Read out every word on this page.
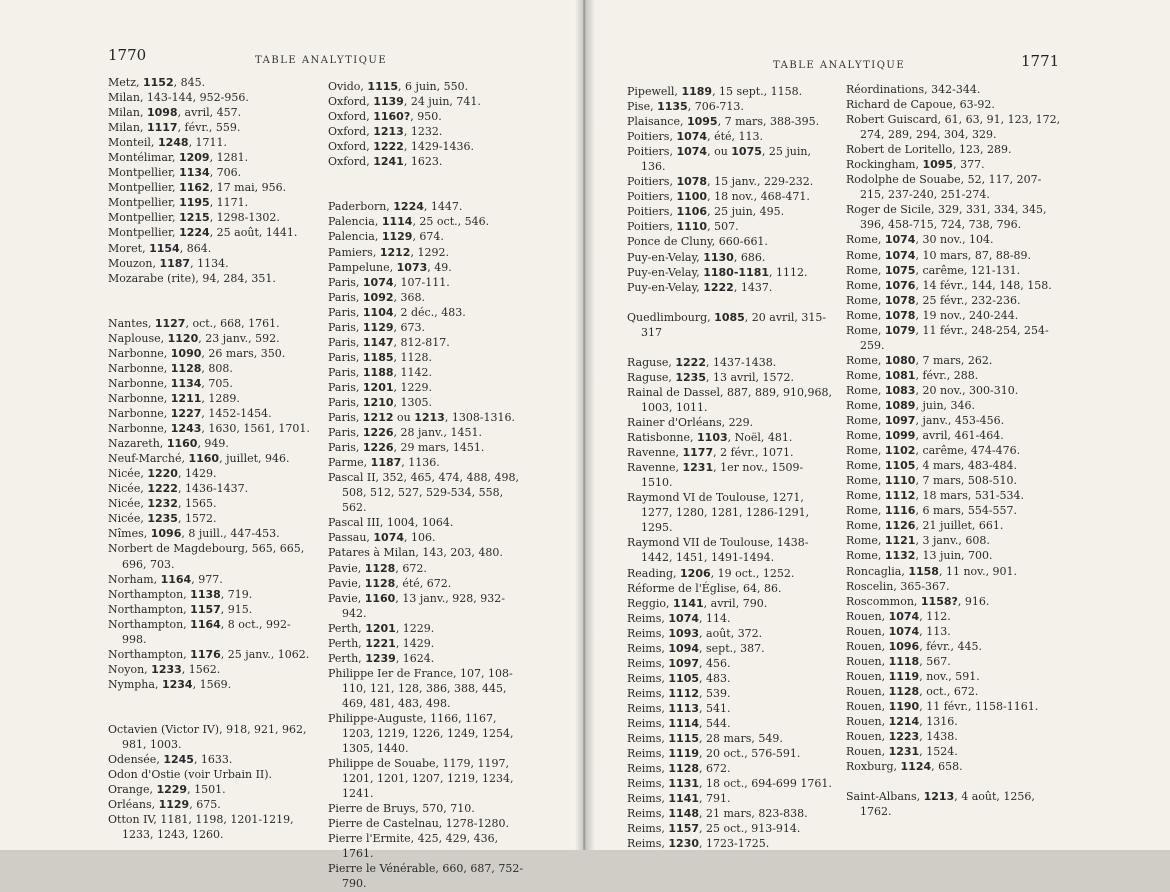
1770	TABLE ANALYTIQUE
Metz, 1152, 845.
Milan, 143-144, 952-956.
Milan, 1098, avril, 457.
Milan, 1117, févr., 559.
Monteil, 1248, 1711.
Montélimar, 1209, 1281.
Montpellier, 1134, 706.
Montpellier, 1162, 17 mai, 956.
Montpellier, 1195, 1171.
Montpellier, 1215, 1298-1302.
Montpellier, 1224, 25 août, 1441.
Moret, 1154, 864.
Mouzon, 1187, 1134.
Mozarabe (rite), 94, 284, 351.
Nantes, 1127, oct., 668, 1761.
Naplouse, 1120, 23 janv., 592.
Narbonne, 1090, 26 mars, 350.
Narbonne, 1128, 808.
Narbonne, 1134, 705.
Narbonne, 1211, 1289.
Narbonne, 1227, 1452-1454.
Narbonne, 1243, 1630, 1561, 1701.
Nazareth, 1160, 949.
Neuf-Marché, 1160, juillet, 946.
Nicée, 1220, 1429.
Nicée, 1222, 1436-1437.
Nicée, 1232, 1565.
Nicée, 1235, 1572.
Nîmes, 1096, 8 juill., 447-453.
Norbert de Magdebourg, 565, 665, 696, 703.
Norham, 1164, 977.
Northampton, 1138, 719.
Northampton, 1157, 915.
Northampton, 1164, 8 oct., 992-998.
Northampton, 1176, 25 janv., 1062.
Noyon, 1233, 1562.
Nympha, 1234, 1569.
Octavien (Victor IV), 918, 921, 962, 981, 1003.
Odensée, 1245, 1633.
Odon d'Ostie (voir Urbain II).
Orange, 1229, 1501.
Orléans, 1129, 675.
Otton IV, 1181, 1198, 1201-1219, 1233, 1243, 1260.
Ovido, 1115, 6 juin, 550.
Oxford, 1139, 24 juin, 741.
Oxford, 1160?, 950.
Oxford, 1213, 1232.
Oxford, 1222, 1429-1436.
Oxford, 1241, 1623.
Paderborn, 1224, 1447.
Palencia, 1114, 25 oct., 546.
Palencia, 1129, 674.
Pamiers, 1212, 1292.
Pampelune, 1073, 49.
Paris, 1074, 107-111.
Paris, 1092, 368.
Paris, 1104, 2 déc., 483.
Paris, 1129, 673.
Paris, 1147, 812-817.
Paris, 1185, 1128.
Paris, 1188, 1142.
Paris, 1201, 1229.
Paris, 1210, 1305.
Paris, 1212 ou 1213, 1308-1316.
Paris, 1226, 28 janv., 1451.
Paris, 1226, 29 mars, 1451.
Parme, 1187, 1136.
Pascal II, 352, 465, 474, 488, 498, 508, 512, 527, 529-534, 558, 562.
Pascal III, 1004, 1064.
Passau, 1074, 106.
Patares à Milan, 143, 203, 480.
Pavie, 1128, 672.
Pavie, 1128, été, 672.
Pavie, 1160, 13 janv., 928, 932-942.
Perth, 1201, 1229.
Perth, 1221, 1429.
Perth, 1239, 1624.
Philippe Ier de France, 107, 108-110, 121, 128, 386, 388, 445, 469, 481, 483, 498.
Philippe-Auguste, 1166, 1167, 1203, 1219, 1226, 1249, 1254, 1305, 1440.
Philippe de Souabe, 1179, 1197, 1201, 1201, 1207, 1219, 1234, 1241.
Pierre de Bruys, 570, 710.
Pierre de Castelnau, 1278-1280.
Pierre l'Ermite, 425, 429, 436, 1761.
Pierre le Vénérable, 660, 687, 752-790.
1771
TABLE ANALYTIQUE
Pipewell, 1189, 15 sept., 1158.
Pise, 1135, 706-713.
Plaisance, 1095, 7 mars, 388-395.
Poitiers, 1074, été, 113.
Poitiers, 1074, ou 1075, 25 juin, 136.
Poitiers, 1078, 15 janv., 229-232.
Poitiers, 1100, 18 nov., 468-471.
Poitiers, 1106, 25 juin, 495.
Poitiers, 1110, 507.
Ponce de Cluny, 660-661.
Puy-en-Velay, 1130, 686.
Puy-en-Velay, 1180-1181, 1112.
Puy-en-Velay, 1222, 1437.
Quedlimbourg, 1085, 20 avril, 315-317
Raguse, 1222, 1437-1438.
Raguse, 1235, 13 avril, 1572.
Rainal de Dassel, 887, 889, 910,968, 1003, 1011.
Rainer d'Orléans, 229.
Ratisbonne, 1103, Noël, 481.
Ravenne, 1177, 2 févr., 1071.
Ravenne, 1231, 1er nov., 1509-1510.
Raymond VI de Toulouse, 1271, 1277, 1280, 1281, 1286-1291, 1295.
Raymond VII de Toulouse, 1438-1442, 1451, 1491-1494.
Reading, 1206, 19 oct., 1252.
Réforme de l'Église, 64, 86.
Reggio, 1141, avril, 790.
Reims, 1074, 114.
Reims, 1093, août, 372.
Reims, 1094, sept., 387.
Reims, 1097, 456.
Reims, 1105, 483.
Reims, 1112, 539.
Reims, 1113, 541.
Reims, 1114, 544.
Reims, 1115, 28 mars, 549.
Reims, 1119, 20 oct., 576-591.
Reims, 1128, 672.
Reims, 1131, 18 oct., 694-699 1761.
Reims, 1141, 791.
Reims, 1148, 21 mars, 823-838.
Reims, 1157, 25 oct., 913-914.
Reims, 1230, 1723-1725.
Réordinations, 342-344.
Richard de Capoue, 63-92.
Robert Guiscard, 61, 63, 91, 123, 172, 274, 289, 294, 304, 329.
Robert de Loritello, 123, 289.
Rockingham, 1095, 377.
Rodolphe de Souabe, 52, 117, 207-215, 237-240, 251-274.
Roger de Sicile, 329, 331, 334, 345, 396, 458-715, 724, 738, 796.
Rome, 1074, 30 nov., 104.
Rome, 1074, 10 mars, 87, 88-89.
Rome, 1075, carême, 121-131.
Rome, 1076, 14 févr., 144, 148, 158.
Rome, 1078, 25 févr., 232-236.
Rome, 1078, 19 nov., 240-244.
Rome, 1079, 11 févr., 248-254, 254-259.
Rome, 1080, 7 mars, 262.
Rome, 1081, févr., 288.
Rome, 1083, 20 nov., 300-310.
Rome, 1089, juin, 346.
Rome, 1097, janv., 453-456.
Rome, 1099, avril, 461-464.
Rome, 1102, carême, 474-476.
Rome, 1105, 4 mars, 483-484.
Rome, 1110, 7 mars, 508-510.
Rome, 1112, 18 mars, 531-534.
Rome, 1116, 6 mars, 554-557.
Rome, 1126, 21 juillet, 661.
Rome, 1121, 3 janv., 608.
Rome, 1132, 13 juin, 700.
Roncaglia, 1158, 11 nov., 901.
Roscelin, 365-367.
Roscommon, 1158?, 916.
Rouen, 1074, 112.
Rouen, 1074, 113.
Rouen, 1096, févr., 445.
Rouen, 1118, 567.
Rouen, 1119, nov., 591.
Rouen, 1128, oct., 672.
Rouen, 1190, 11 févr., 1158-1161.
Rouen, 1214, 1316.
Rouen, 1223, 1438.
Rouen, 1231, 1524.
Roxburg, 1124, 658.
Saint-Albans, 1213, 4 août, 1256, 1762.
